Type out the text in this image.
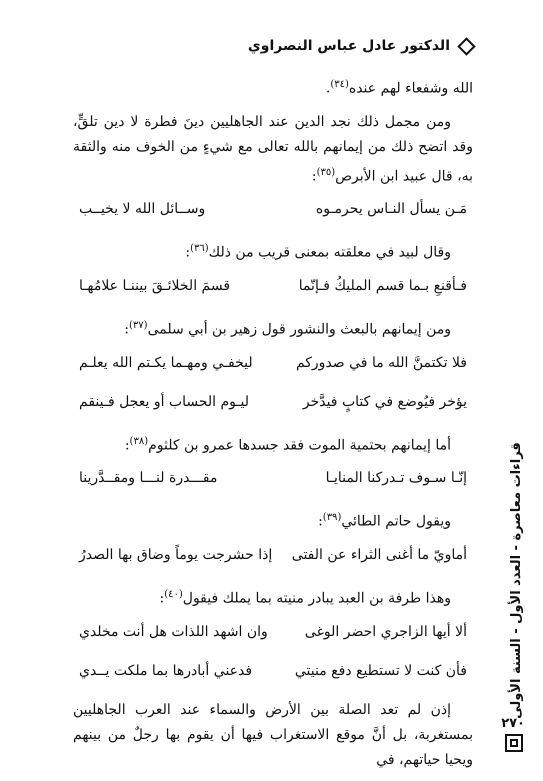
الدكتور عادل عباس النصراوي

الله وشفعاء لهم عنده$^{(٣٤)}$.

ومن مجمل ذلك نجد الدين عند الجاهليين دينَ فطرة لا دين تلقٍّ، وقد اتضح ذلك من إيمانهم بالله تعالى مع شيءٍ من الخوف منه والثقة به، قال عبيد ابن الأبرص$^{(٣٥)}$:

مَـن يسأل النـاس يحرمـوه
وســائل الله لا يخيــب

وقال لبيد في معلقته بمعنى قريب من ذلك$^{(٣٦)}$:

فـأقنعِ بـما قسم المليكُ فـإنّما
قسمَ الخلائـقَ بيننـا علامُهـا

ومن إيمانهم بالبعث والنشور قول زهير بن أبي سلمى$^{(٣٧)}$:

فلا تكتمنَّ الله ما في صدوركم
ليخفـي ومهـما يكـتم الله يعلـم
يؤخر فيُوضع في كتابٍ فيدَّخر
ليـوم الحساب أو يعجل فـينقم

أما إيمانهم بحتمية الموت فقد جسدها عمرو بن كلثوم$^{(٣٨)}$:

إنّـا سـوف تـدركنا المنايـا
مقـــدرة لنـــا ومقــدَّرينا

ويقول حاتم الطائي$^{(٣٩)}$:

أماويّ ما أغنى الثراء عن الفتى
إذا حشرجت يوماً وضاق بها الصدرُ

وهذا طرفة بن العبد يبادر منيته بما يملك فيقول$^{(٤٠)}$:

ألا أيها الزاجري احضر الوغى
وان اشهد اللذات هل أنت مخلدي
فأن كنت لا تستطيع دفع منيتي
فدعني أبادرها بما ملكت يــدي

إذن لم تعد الصلة بين الأرض والسماء عند العرب الجاهليين بمستغربة، بل أنَّ موقع الاستغراب فيها أن يقوم بها رجلٌ من بينهم ويحيا حياتهم، في

قراءات معاصرة - العدد الأول - السنة الأولى
٢٧٠
